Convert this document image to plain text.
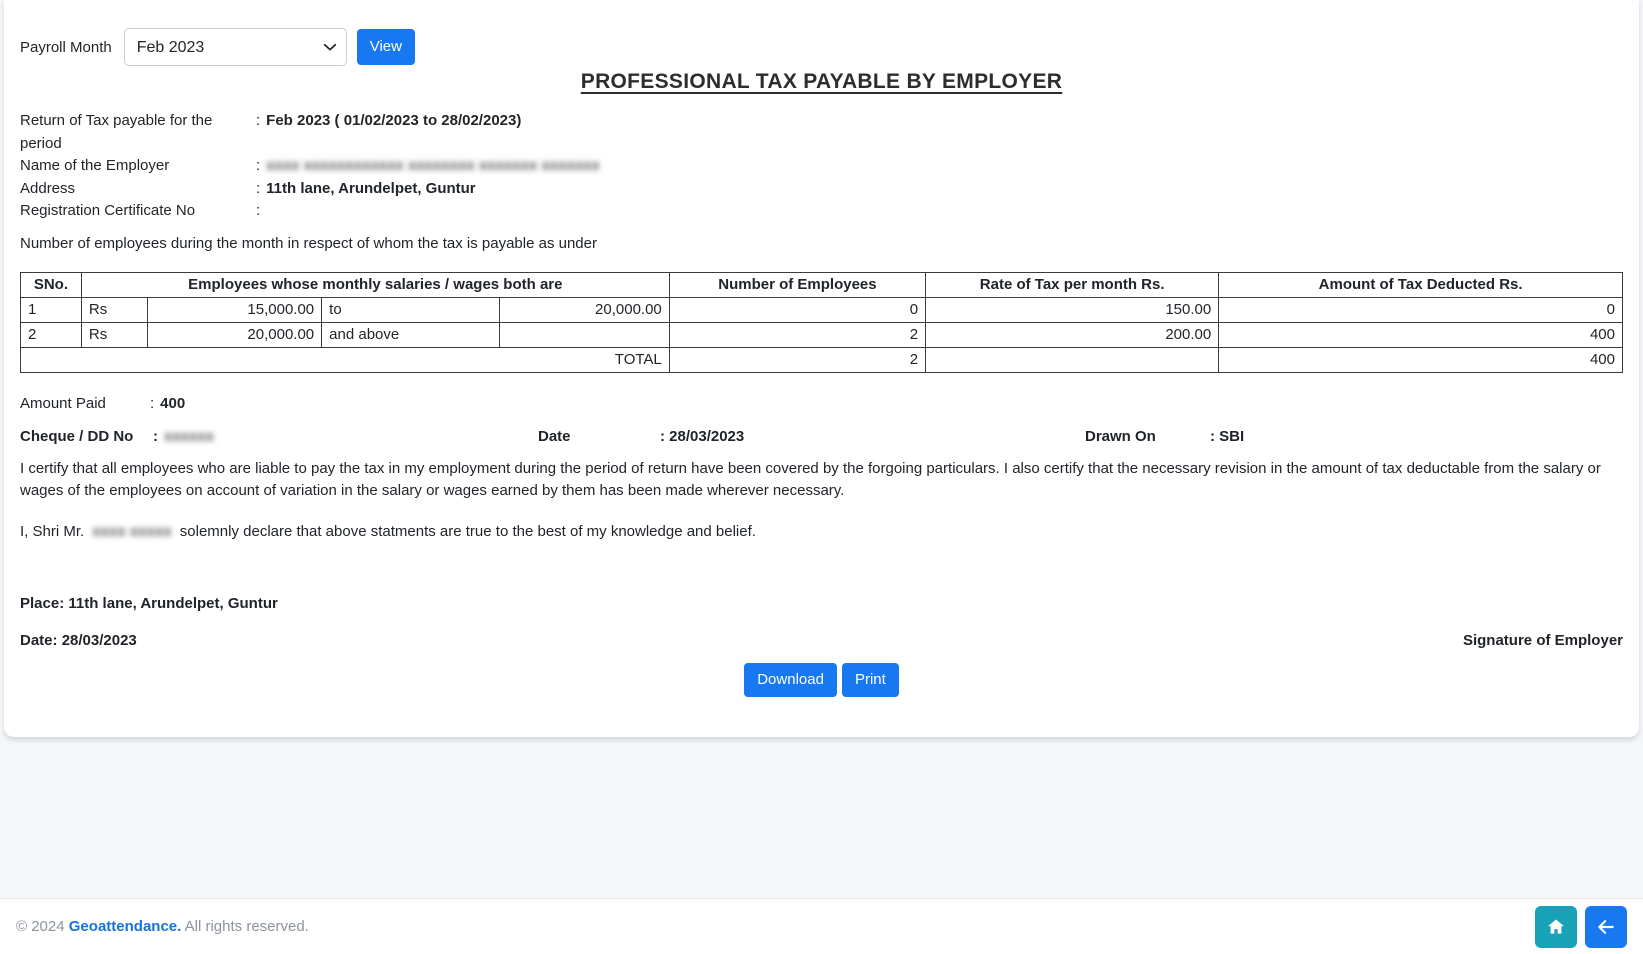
Payroll Month
Feb 2023	View
PROFESSIONAL TAX PAYABLE BY EMPLOYER
Return of Tax payable for the period
: Feb 2023 ( 01/02/2023 to 28/02/2023)
Name of the Employer	: xxxx xxxxxxxxxxxx xxxxxxxx xxxxxxx xxxxxxx
Address	: 11th lane, Arundelpet, Guntur
Registration Certificate No	:
Number of employees during the month in respect of whom the tax is payable as under
SNo.	Employees whose monthly salaries / wages both are				Number of Employees	Rate of Tax per month Rs.	Amount of Tax Deducted Rs.
1	Rs	15,000.00	to	20,000.00	0	150.00	0
2	Rs	20,000.00	and above		2	200.00	400
TOTAL					2		400
Amount Paid	: 400
Cheque / DD No	: xxxxxx	Date	: 28/03/2023	Drawn On	: SBI

I certify that all employees who are liable to pay the tax in my employment during the period of return have been covered by the forgoing particulars. I also certify that the necessary revision in the amount of tax deductable from the salary or wages of the employees on account of variation in the salary or wages earned by them has been made wherever necessary.

I, Shri Mr. xxxx xxxxx solemnly declare that above statments are true to the best of my knowledge and belief.

Place: 11th lane, Arundelpet, Guntur
Date: 28/03/2023	Signature of Employer
Download	Print
© 2024 Geoattendance. All rights reserved.
